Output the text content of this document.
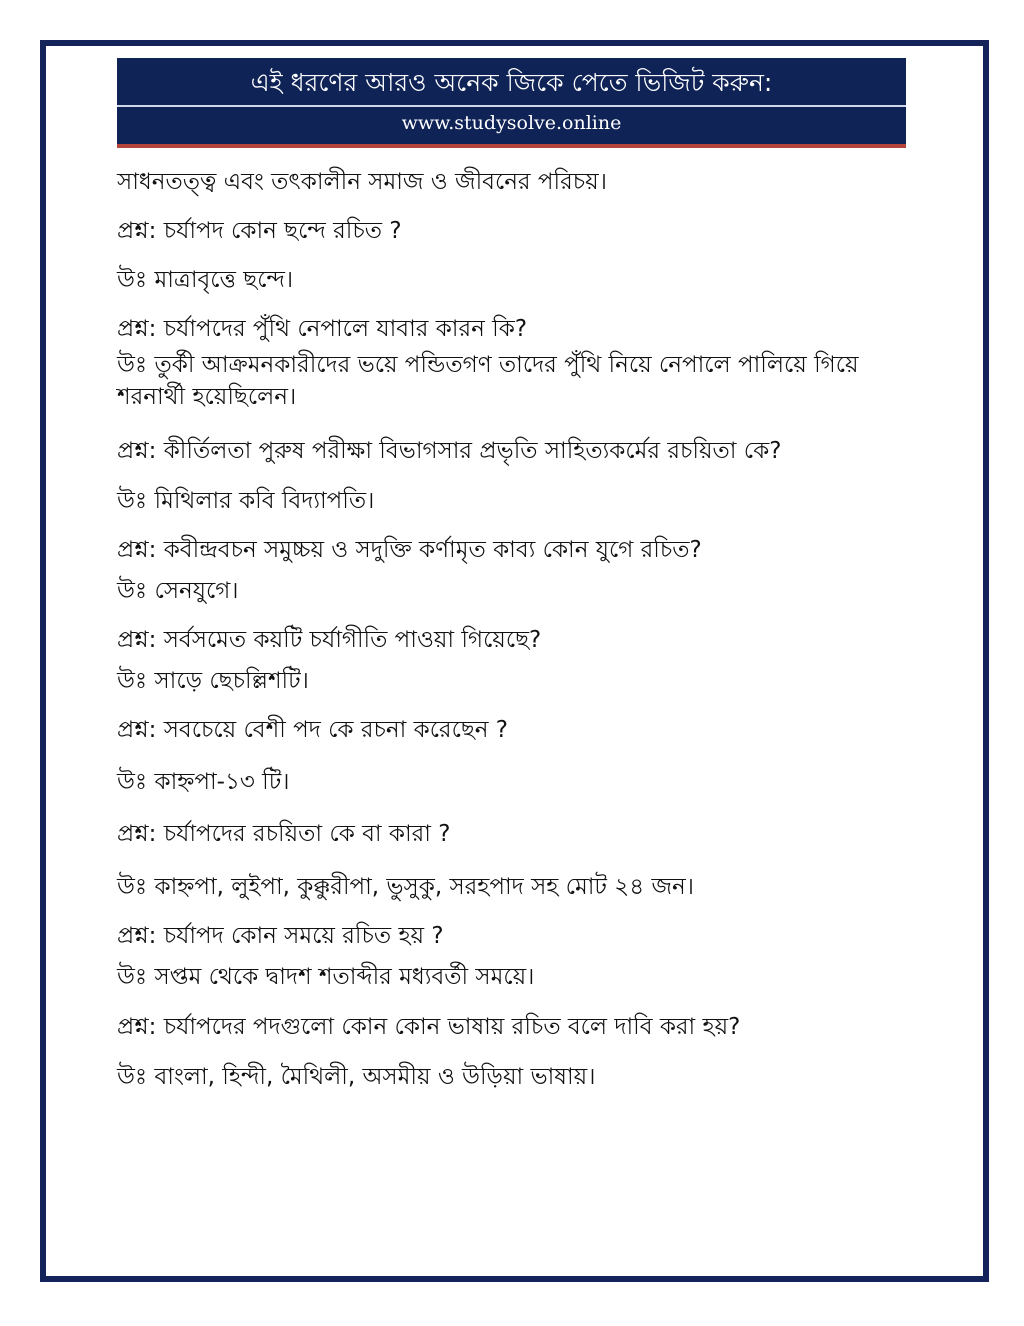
এই ধরণের আরও অনেক জিকে পেতে ভিজিট করুন:
www.studysolve.online
সাধনতত্ত্ব এবং তৎকালীন সমাজ ও জীবনের পরিচয়।
প্রশ্ন: চর্যাপদ কোন ছন্দে রচিত ?
উঃ মাত্রাবৃত্তে ছন্দে।
প্রশ্ন: চর্যাপদের পুঁথি নেপালে যাবার কারন কি?
উঃ তুর্কী আক্রমনকারীদের ভয়ে পন্ডিতগণ তাদের পুঁথি নিয়ে নেপালে পালিয়ে গিয়ে শরনার্থী হয়েছিলেন।
প্রশ্ন: কীর্তিলতা পুরুষ পরীক্ষা বিভাগসার প্রভৃতি সাহিত্যকর্মের রচয়িতা কে?
উঃ মিথিলার কবি বিদ্যাপতি।
প্রশ্ন: কবীন্দ্রবচন সমুচ্চয় ও সদুক্তি কর্ণামৃত কাব্য কোন যুগে রচিত?
উঃ সেনযুগে।
প্রশ্ন: সর্বসমেত কয়টি চর্যাগীতি পাওয়া গিয়েছে?
উঃ সাড়ে ছেচল্লিশটি।
প্রশ্ন: সবচেয়ে বেশী পদ কে রচনা করেছেন ?
উঃ কাহ্নপা-১৩ টি।
প্রশ্ন: চর্যাপদের রচয়িতা কে বা কারা ?
উঃ কাহ্নপা, লুইপা, কুক্কুরীপা, ভুসুকু, সরহপাদ সহ মোট ২৪ জন।
প্রশ্ন: চর্যাপদ কোন সময়ে রচিত হয় ?
উঃ সপ্তম থেকে দ্বাদশ শতাব্দীর মধ্যবর্তী সময়ে।
প্রশ্ন: চর্যাপদের পদগুলো কোন কোন ভাষায় রচিত বলে দাবি করা হয়?
উঃ বাংলা, হিন্দী, মৈথিলী, অসমীয় ও উড়িয়া ভাষায়।
